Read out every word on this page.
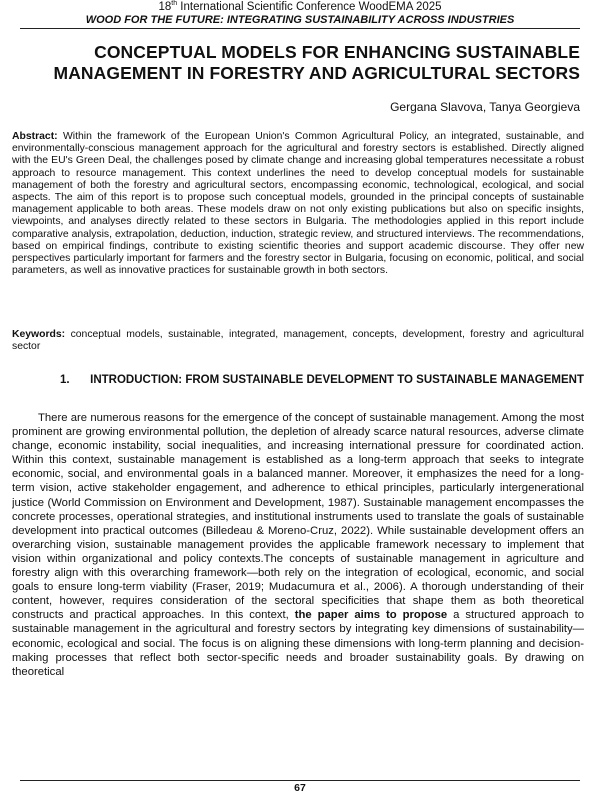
18th International Scientific Conference WoodEMA 2025
WOOD FOR THE FUTURE: INTEGRATING SUSTAINABILITY ACROSS INDUSTRIES
CONCEPTUAL MODELS FOR ENHANCING SUSTAINABLE MANAGEMENT IN FORESTRY AND AGRICULTURAL SECTORS
Gergana Slavova, Tanya Georgieva
Abstract: Within the framework of the European Union's Common Agricultural Policy, an integrated, sustainable, and environmentally-conscious management approach for the agricultural and forestry sectors is established. Directly aligned with the EU's Green Deal, the challenges posed by climate change and increasing global temperatures necessitate a robust approach to resource management. This context underlines the need to develop conceptual models for sustainable management of both the forestry and agricultural sectors, encompassing economic, technological, ecological, and social aspects. The aim of this report is to propose such conceptual models, grounded in the principal concepts of sustainable management applicable to both areas. These models draw on not only existing publications but also on specific insights, viewpoints, and analyses directly related to these sectors in Bulgaria. The methodologies applied in this report include comparative analysis, extrapolation, deduction, induction, strategic review, and structured interviews. The recommendations, based on empirical findings, contribute to existing scientific theories and support academic discourse. They offer new perspectives particularly important for farmers and the forestry sector in Bulgaria, focusing on economic, political, and social parameters, as well as innovative practices for sustainable growth in both sectors.
Keywords: conceptual models, sustainable, integrated, management, concepts, development, forestry and agricultural sector
1.	INTRODUCTION: FROM SUSTAINABLE DEVELOPMENT TO SUSTAINABLE MANAGEMENT
There are numerous reasons for the emergence of the concept of sustainable management. Among the most prominent are growing environmental pollution, the depletion of already scarce natural resources, adverse climate change, economic instability, social inequalities, and increasing international pressure for coordinated action. Within this context, sustainable management is established as a long-term approach that seeks to integrate economic, social, and environmental goals in a balanced manner. Moreover, it emphasizes the need for a long-term vision, active stakeholder engagement, and adherence to ethical principles, particularly intergenerational justice (World Commission on Environment and Development, 1987). Sustainable management encompasses the concrete processes, operational strategies, and institutional instruments used to translate the goals of sustainable development into practical outcomes (Billedeau & Moreno-Cruz, 2022). While sustainable development offers an overarching vision, sustainable management provides the applicable framework necessary to implement that vision within organizational and policy contexts.The concepts of sustainable management in agriculture and forestry align with this overarching framework—both rely on the integration of ecological, economic, and social goals to ensure long-term viability (Fraser, 2019; Mudacumura et al., 2006). A thorough understanding of their content, however, requires consideration of the sectoral specificities that shape them as both theoretical constructs and practical approaches. In this context, the paper aims to propose a structured approach to sustainable management in the agricultural and forestry sectors by integrating key dimensions of sustainability—economic, ecological and social. The focus is on aligning these dimensions with long-term planning and decision-making processes that reflect both sector-specific needs and broader sustainability goals. By drawing on theoretical
67
